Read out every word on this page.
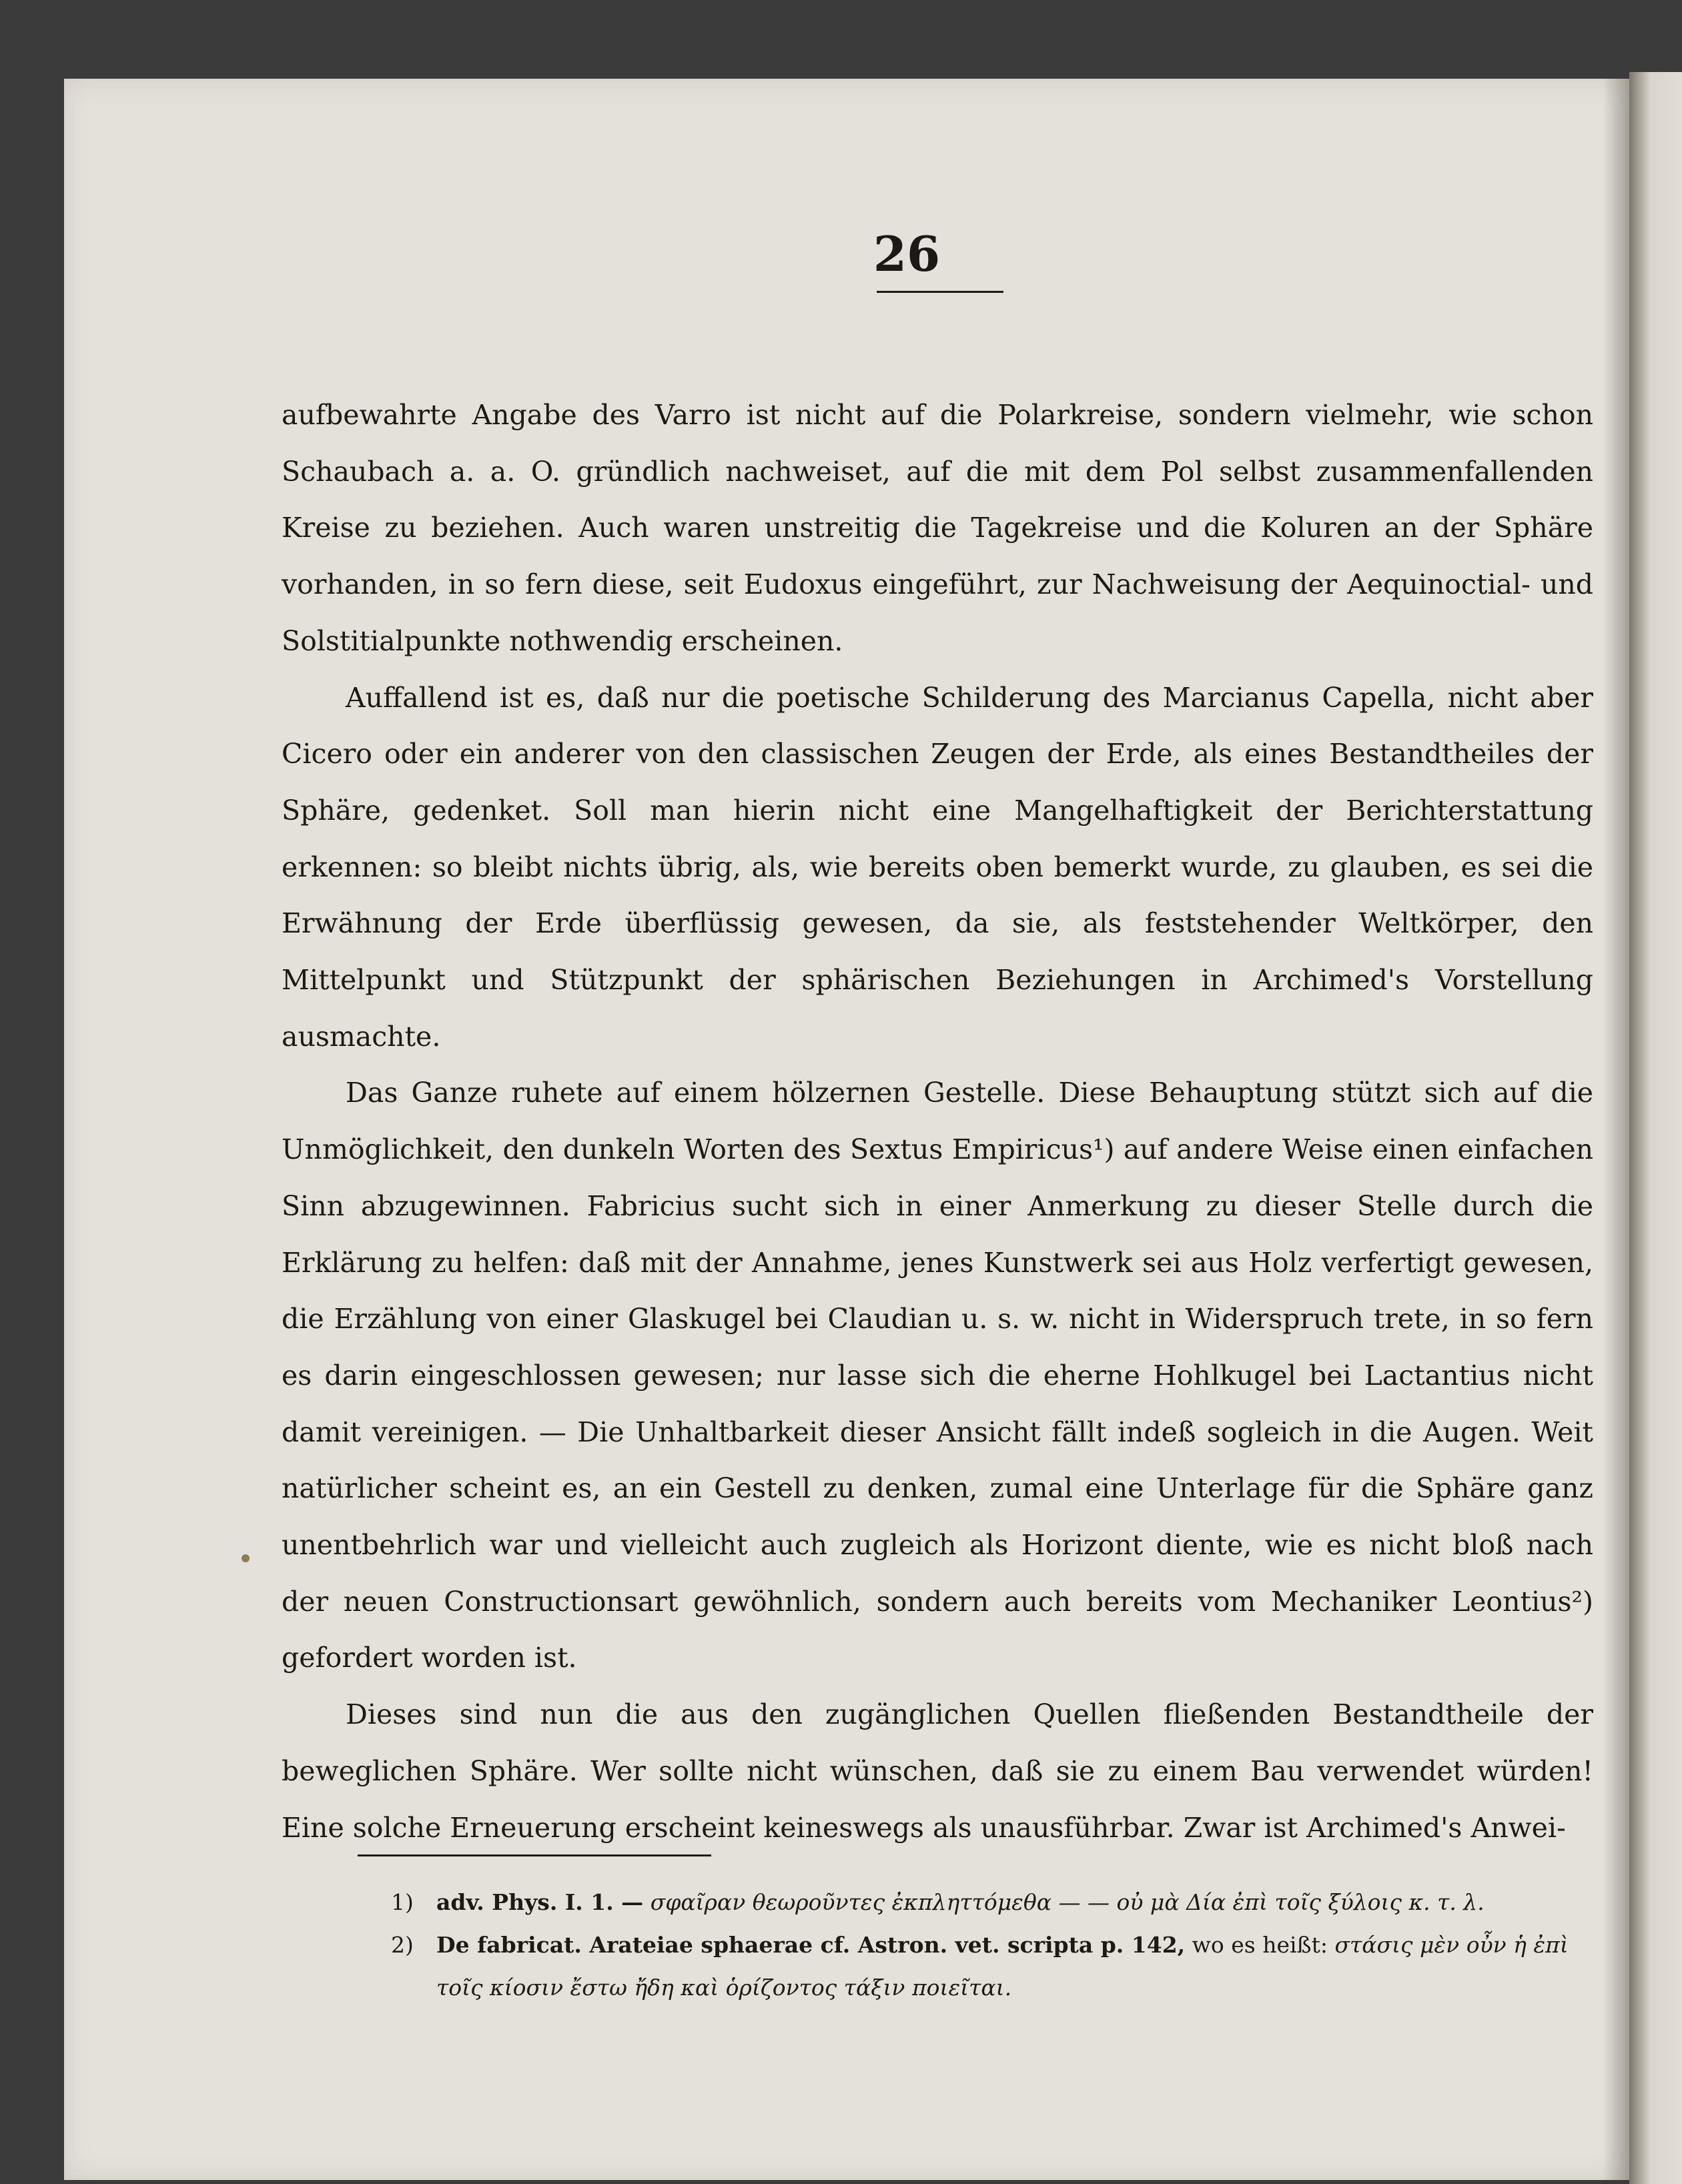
26

aufbewahrte Angabe des Varro ist nicht auf die Polarkreise, sondern vielmehr, wie schon Schaubach a. a. O. gründlich nachweiset, auf die mit dem Pol selbst zusammenfallenden Kreise zu beziehen. Auch waren unstreitig die Tagekreise und die Koluren an der Sphäre vorhanden, in so fern diese, seit Eudoxus eingeführt, zur Nachweisung der Aequinoctial- und Solstitialpunkte nothwendig erscheinen.

Auffallend ist es, daß nur die poetische Schilderung des Marcianus Capella, nicht aber Cicero oder ein anderer von den classischen Zeugen der Erde, als eines Bestandtheiles der Sphäre, gedenket. Soll man hierin nicht eine Mangelhaftigkeit der Berichterstattung erkennen: so bleibt nichts übrig, als, wie bereits oben bemerkt wurde, zu glauben, es sei die Erwähnung der Erde überflüssig gewesen, da sie, als feststehender Weltkörper, den Mittelpunkt und Stützpunkt der sphärischen Beziehungen in Archimed's Vorstellung ausmachte.

Das Ganze ruhete auf einem hölzernen Gestelle. Diese Behauptung stützt sich auf die Unmöglichkeit, den dunkeln Worten des Sextus Empiricus¹) auf andere Weise einen einfachen Sinn abzugewinnen. Fabricius sucht sich in einer Anmerkung zu dieser Stelle durch die Erklärung zu helfen: daß mit der Annahme, jenes Kunstwerk sei aus Holz verfertigt gewesen, die Erzählung von einer Glaskugel bei Claudian u. s. w. nicht in Widerspruch trete, in so fern es darin eingeschlossen gewesen; nur lasse sich die eherne Hohlkugel bei Lactantius nicht damit vereinigen. — Die Unhaltbarkeit dieser Ansicht fällt indeß sogleich in die Augen. Weit natürlicher scheint es, an ein Gestell zu denken, zumal eine Unterlage für die Sphäre ganz unentbehrlich war und vielleicht auch zugleich als Horizont diente, wie es nicht bloß nach der neuen Constructionsart gewöhnlich, sondern auch bereits vom Mechaniker Leontius²) gefordert worden ist.

Dieses sind nun die aus den zugänglichen Quellen fließenden Bestandtheile der beweglichen Sphäre. Wer sollte nicht wünschen, daß sie zu einem Bau verwendet würden! Eine solche Erneuerung erscheint keineswegs als unausführbar. Zwar ist Archimed's Anwei-

1) adv. Phys. I. 1. — σφαῖραν θεωροῦντες ἐκπληττόμεθα — — οὐ μὰ Δία ἐπὶ τοῖς ξύλοις κ. τ. λ.
2) De fabricat. Arateiae sphaerae cf. Astron. vet. scripta p. 142, wo es heißt: στάσις μὲν οὖν ἡ ἐπὶ τοῖς κίοσιν ἔστω ἤδη καὶ ὁρίζοντος τάξιν ποιεῖται.
